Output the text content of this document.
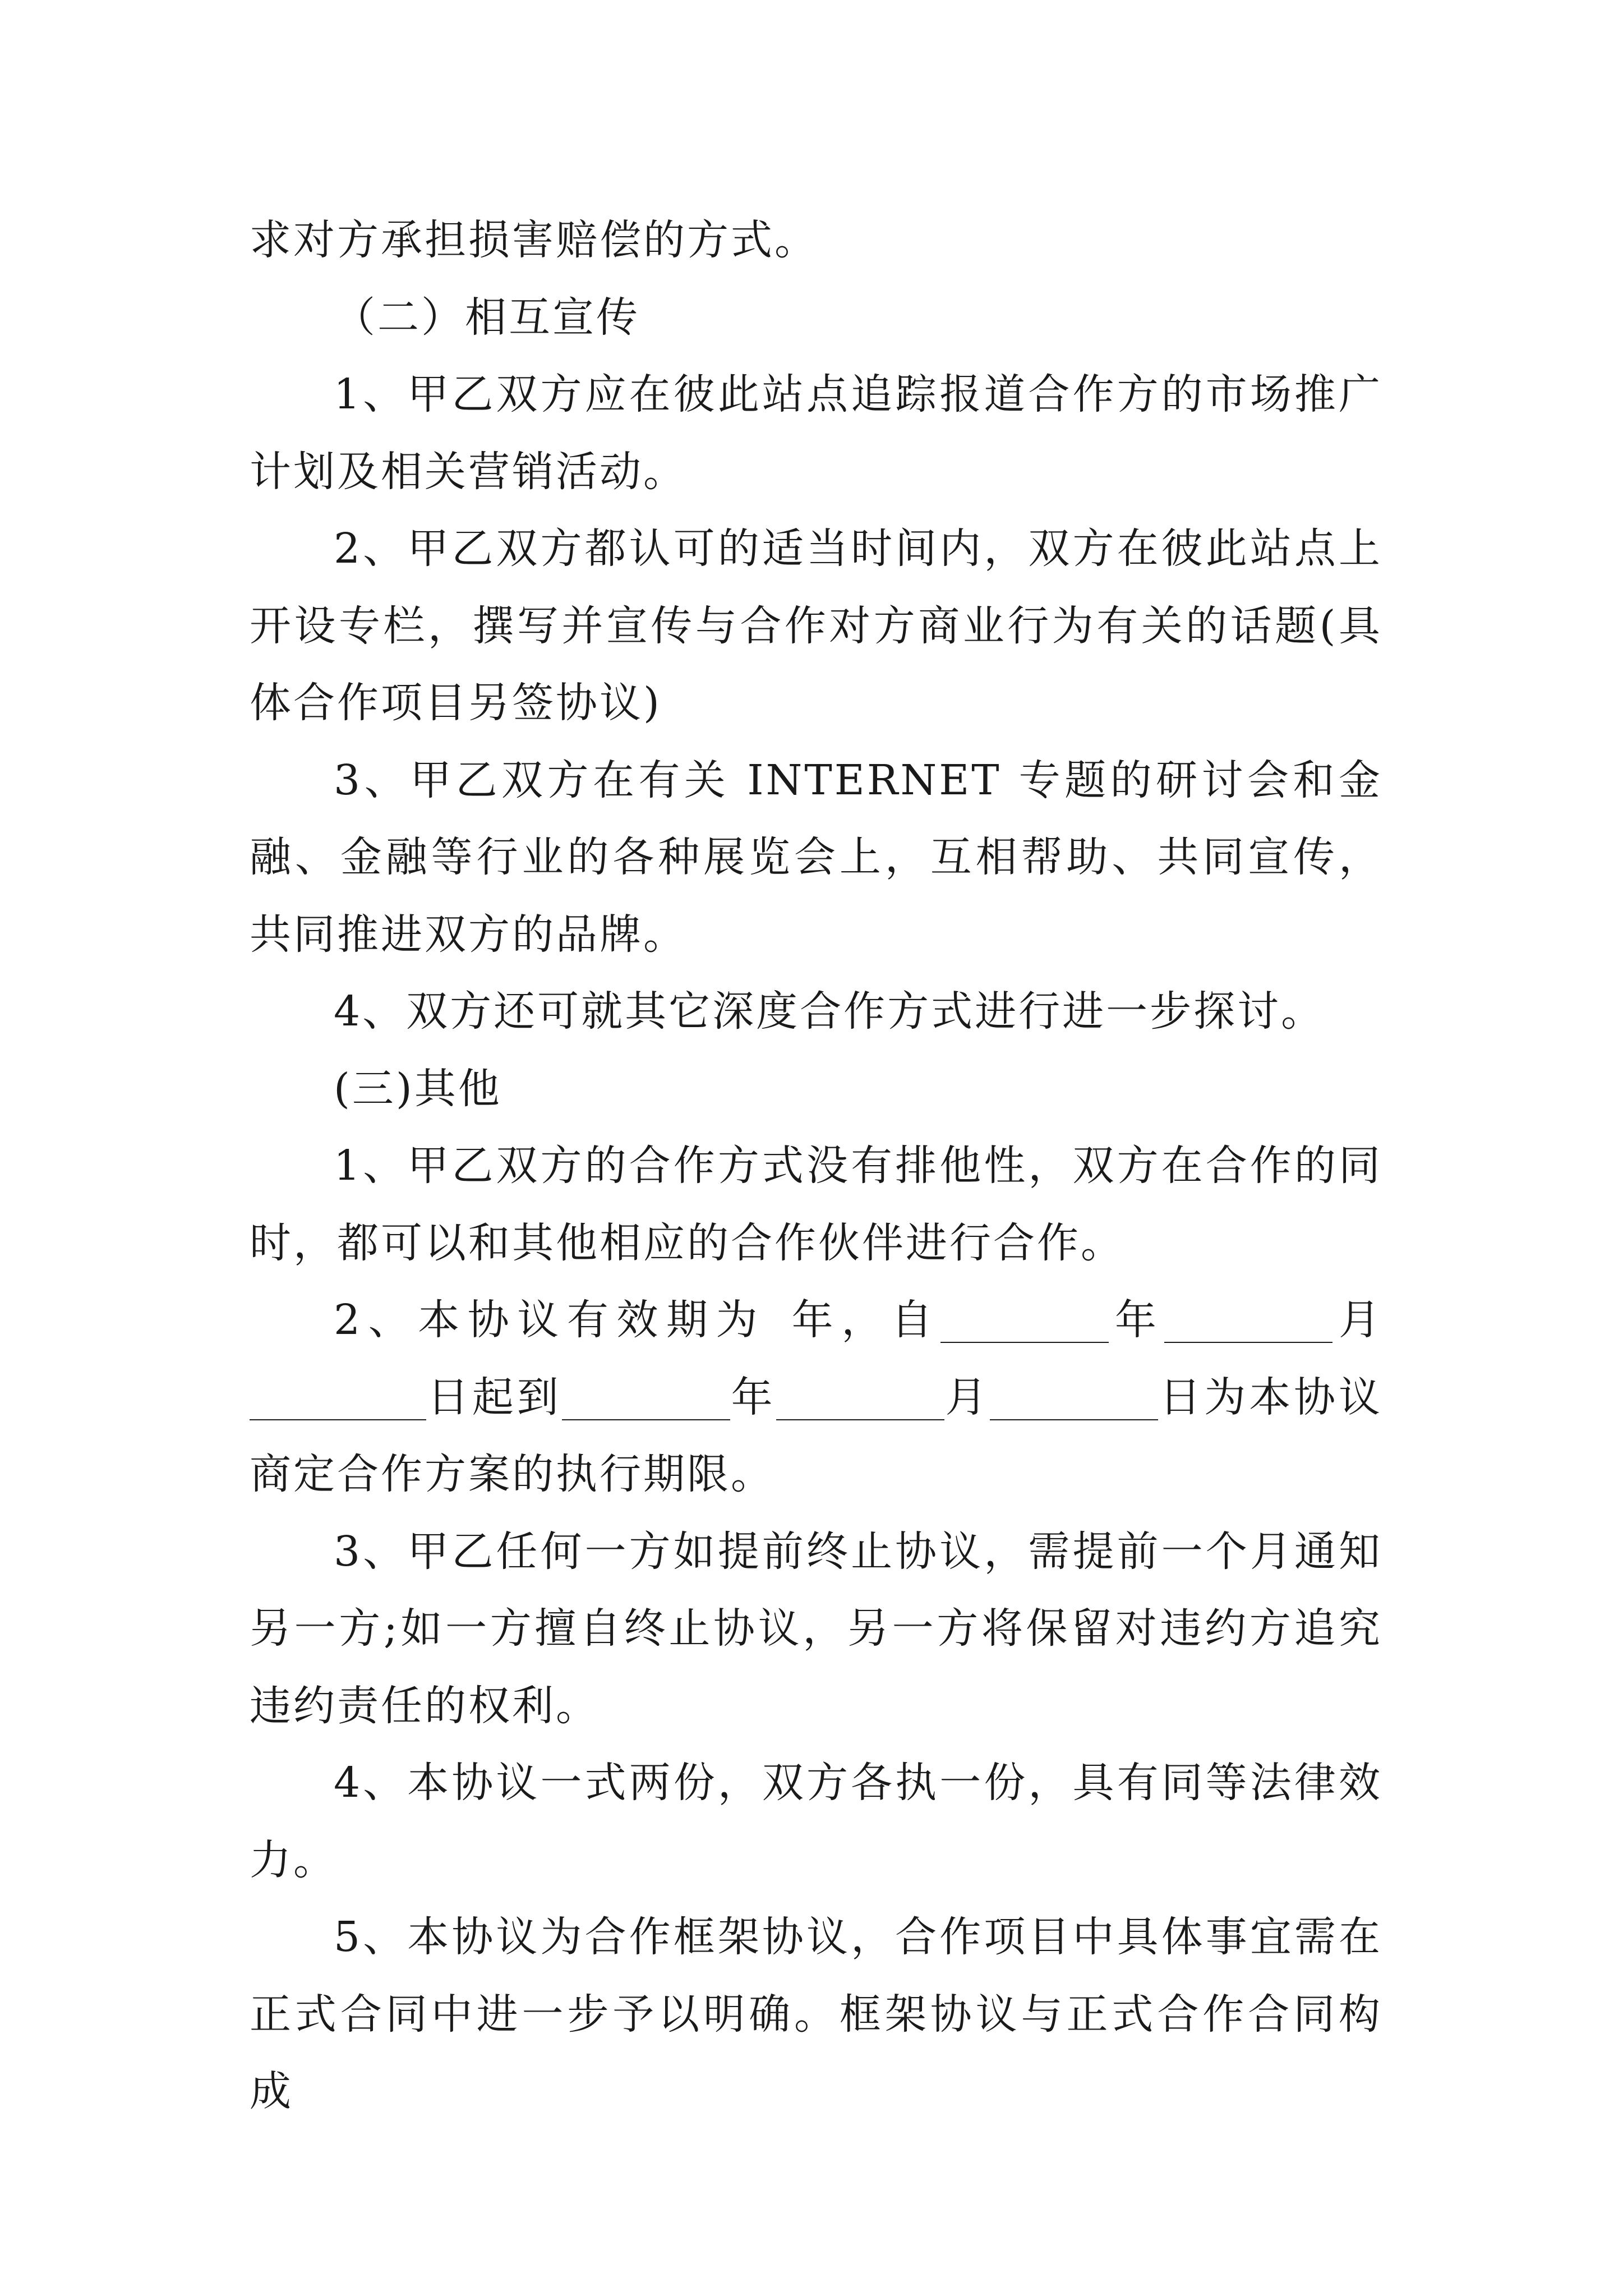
求对方承担损害赔偿的方式。

（二）相互宣传

1、甲乙双方应在彼此站点追踪报道合作方的市场推广计划及相关营销活动。

2、甲乙双方都认可的适当时间内，双方在彼此站点上开设专栏，撰写并宣传与合作对方商业行为有关的话题(具体合作项目另签协议)

3、甲乙双方在有关 INTERNET 专题的研讨会和金融、金融等行业的各种展览会上，互相帮助、共同宣传，共同推进双方的品牌。

4、双方还可就其它深度合作方式进行进一步探讨。

(三)其他

1、甲乙双方的合作方式没有排他性，双方在合作的同时，都可以和其他相应的合作伙伴进行合作。

2、本协议有效期为 年，自	年	月日起到	年	月	日为本协议商定合作方案的执行期限。

3、甲乙任何一方如提前终止协议，需提前一个月通知另一方;如一方擅自终止协议，另一方将保留对违约方追究违约责任的权利。

4、本协议一式两份，双方各执一份，具有同等法律效力。

5、本协议为合作框架协议，合作项目中具体事宜需在正式合同中进一步予以明确。框架协议与正式合作合同构成
